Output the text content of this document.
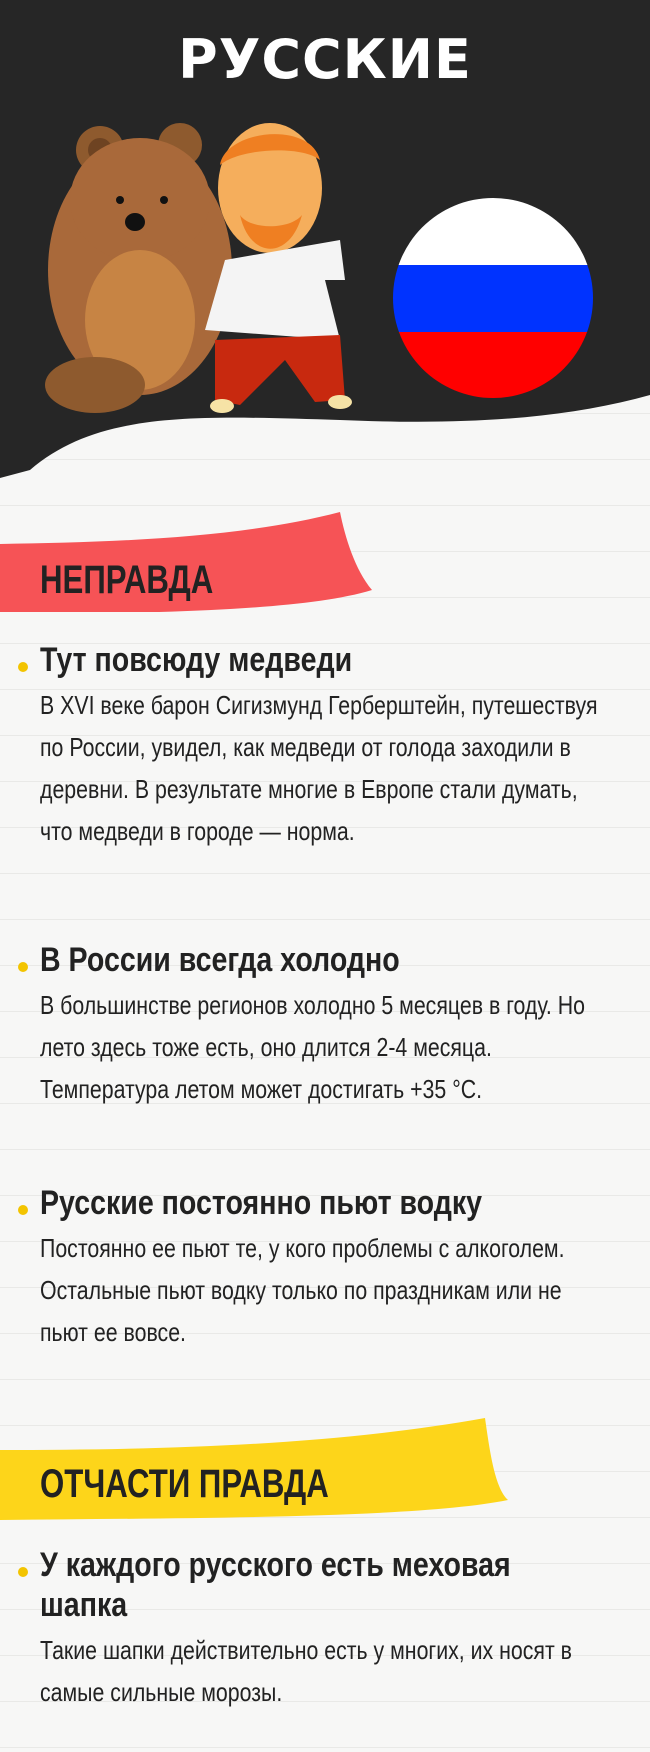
РУССКИЕ
НЕПРАВДА
Тут повсюду медведи
В XVI веке барон Сигизмунд Герберштейн, путешествуя по России, увидел, как медведи от голода заходили в деревни. В результате многие в Европе стали думать, что медведи в городе — норма.
В России всегда холодно
В большинстве регионов холодно 5 месяцев в году. Но лето здесь тоже есть, оно длится 2-4 месяца. Температура летом может достигать +35 °C.
Русские постоянно пьют водку
Постоянно ее пьют те, у кого проблемы с алкоголем. Остальные пьют водку только по праздникам или не пьют ее вовсе.
ОТЧАСТИ ПРАВДА
У каждого русского есть меховая шапка
Такие шапки действительно есть у многих, их носят в самые сильные морозы.
